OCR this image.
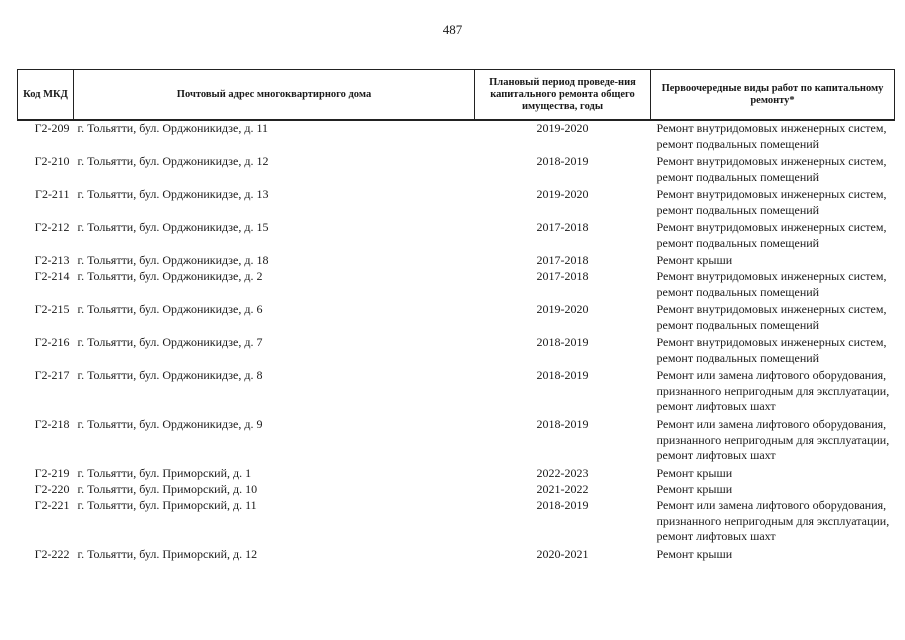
487
Код МКД	Почтовый адрес многоквартирного дома	Плановый период проведе-ния капитального ремонта общего имущества, годы	Первоочередные виды работ по капитальному ремонту*
Г2-209	г. Тольятти, бул. Орджоникидзе, д. 11	2019-2020	Ремонт внутридомовых инженерных систем,
ремонт подвальных помещений

Г2-210	г. Тольятти, бул. Орджоникидзе, д. 12	2018-2019	Ремонт внутридомовых инженерных систем,
ремонт подвальных помещений

Г2-211	г. Тольятти, бул. Орджоникидзе, д. 13	2019-2020	Ремонт внутридомовых инженерных систем,
ремонт подвальных помещений

Г2-212	г. Тольятти, бул. Орджоникидзе, д. 15	2017-2018	Ремонт внутридомовых инженерных систем,
ремонт подвальных помещений

Г2-213	г. Тольятти, бул. Орджоникидзе, д. 18	2017-2018	Ремонт крыши

Г2-214	г. Тольятти, бул. Орджоникидзе, д. 2	2017-2018	Ремонт внутридомовых инженерных систем,
ремонт подвальных помещений

Г2-215	г. Тольятти, бул. Орджоникидзе, д. 6	2019-2020	Ремонт внутридомовых инженерных систем,
ремонт подвальных помещений

Г2-216	г. Тольятти, бул. Орджоникидзе, д. 7	2018-2019	Ремонт внутридомовых инженерных систем,
ремонт подвальных помещений

Г2-217	г. Тольятти, бул. Орджоникидзе, д. 8	2018-2019	Ремонт или замена лифтового оборудования,
признанного непригодным для эксплуатации,
ремонт лифтовых шахт

Г2-218	г. Тольятти, бул. Орджоникидзе, д. 9	2018-2019	Ремонт или замена лифтового оборудования,
признанного непригодным для эксплуатации,
ремонт лифтовых шахт

Г2-219	г. Тольятти, бул. Приморский, д. 1	2022-2023	Ремонт крыши

Г2-220	г. Тольятти, бул. Приморский, д. 10	2021-2022	Ремонт крыши

Г2-221	г. Тольятти, бул. Приморский, д. 11	2018-2019	Ремонт или замена лифтового оборудования,
признанного непригодным для эксплуатации,
ремонт лифтовых шахт

Г2-222	г. Тольятти, бул. Приморский, д. 12	2020-2021	Ремонт крыши
